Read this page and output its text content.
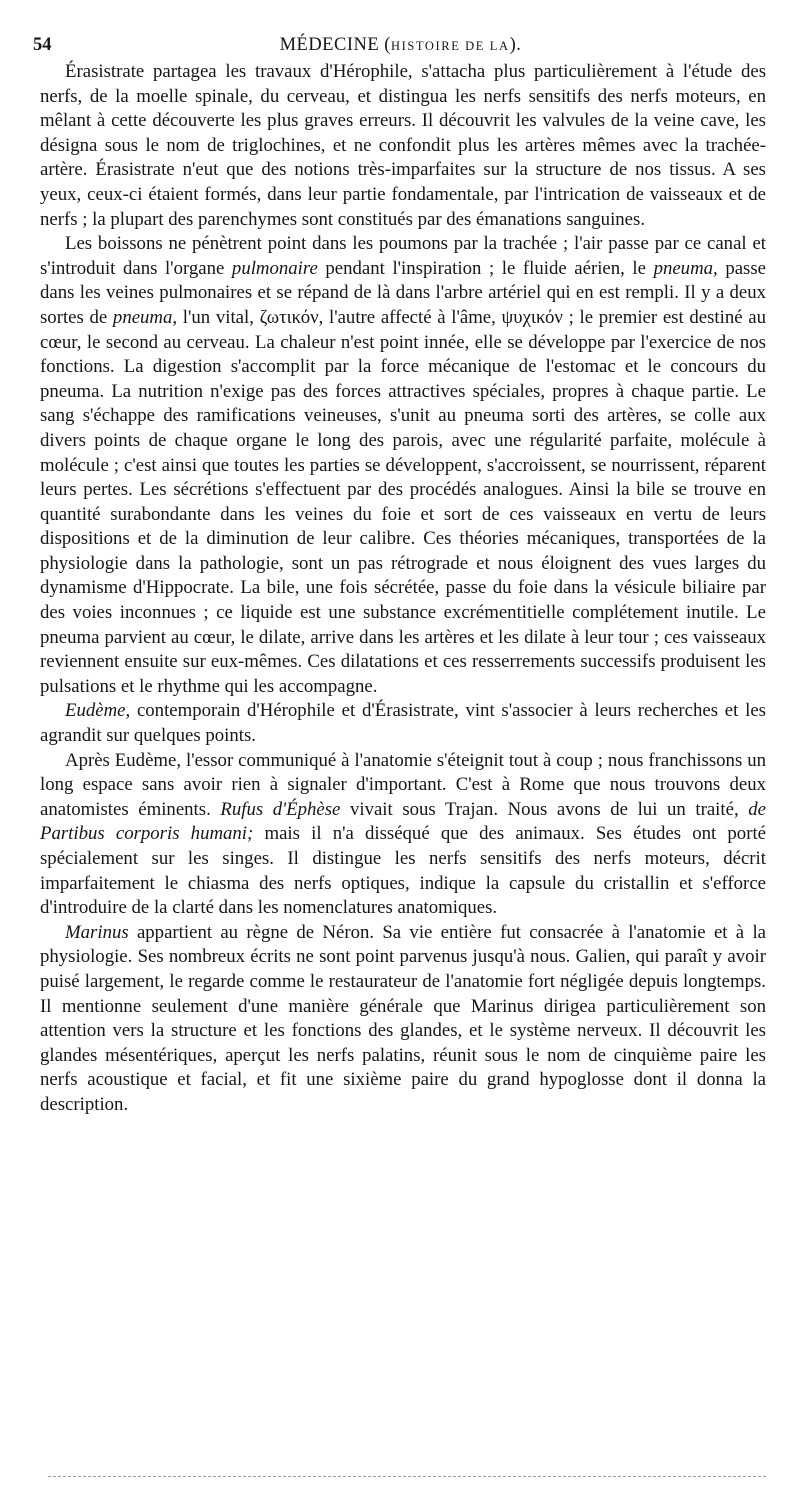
54	MÉDECINE (HISTOIRE DE LA).

Érasistrate partagea les travaux d'Hérophile, s'attacha plus particulièrement à l'étude des nerfs, de la moelle spinale, du cerveau, et distingua les nerfs sensitifs des nerfs moteurs, en mêlant à cette découverte les plus graves erreurs. Il découvrit les valvules de la veine cave, les désigna sous le nom de triglochines, et ne confondit plus les artères mêmes avec la trachée-artère. Érasistrate n'eut que des notions très-imparfaites sur la structure de nos tissus. A ses yeux, ceux-ci étaient formés, dans leur partie fondamentale, par l'intrication de vaisseaux et de nerfs ; la plupart des parenchymes sont constitués par des émanations sanguines.

Les boissons ne pénètrent point dans les poumons par la trachée ; l'air passe par ce canal et s'introduit dans l'organe pulmonaire pendant l'inspiration ; le fluide aérien, le pneuma, passe dans les veines pulmonaires et se répand de là dans l'arbre artériel qui en est rempli. Il y a deux sortes de pneuma, l'un vital, ζωτικόν, l'autre affecté à l'âme, ψυχικόν ; le premier est destiné au cœur, le second au cerveau. La chaleur n'est point innée, elle se développe par l'exercice de nos fonctions. La digestion s'accomplit par la force mécanique de l'estomac et le concours du pneuma. La nutrition n'exige pas des forces attractives spéciales, propres à chaque partie. Le sang s'échappe des ramifications veineuses, s'unit au pneuma sorti des artères, se colle aux divers points de chaque organe le long des parois, avec une régularité parfaite, molécule à molécule ; c'est ainsi que toutes les parties se développent, s'accroissent, se nourrissent, réparent leurs pertes. Les sécrétions s'effectuent par des procédés analogues. Ainsi la bile se trouve en quantité surabondante dans les veines du foie et sort de ces vaisseaux en vertu de leurs dispositions et de la diminution de leur calibre. Ces théories mécaniques, transportées de la physiologie dans la pathologie, sont un pas rétrograde et nous éloignent des vues larges du dynamisme d'Hippocrate. La bile, une fois sécrétée, passe du foie dans la vésicule biliaire par des voies inconnues ; ce liquide est une substance excrémentitielle complétement inutile. Le pneuma parvient au cœur, le dilate, arrive dans les artères et les dilate à leur tour ; ces vaisseaux reviennent ensuite sur eux-mêmes. Ces dilatations et ces resserrements successifs produisent les pulsations et le rhythme qui les accompagne.

Eudème, contemporain d'Hérophile et d'Érasistrate, vint s'associer à leurs recherches et les agrandit sur quelques points.

Après Eudème, l'essor communiqué à l'anatomie s'éteignit tout à coup ; nous franchissons un long espace sans avoir rien à signaler d'important. C'est à Rome que nous trouvons deux anatomistes éminents. Rufus d'Éphèse vivait sous Trajan. Nous avons de lui un traité, de Partibus corporis humani; mais il n'a disséqué que des animaux. Ses études ont porté spécialement sur les singes. Il distingue les nerfs sensitifs des nerfs moteurs, décrit imparfaitement le chiasma des nerfs optiques, indique la capsule du cristallin et s'efforce d'introduire de la clarté dans les nomenclatures anatomiques.

Marinus appartient au règne de Néron. Sa vie entière fut consacrée à l'anatomie et à la physiologie. Ses nombreux écrits ne sont point parvenus jusqu'à nous. Galien, qui paraît y avoir puisé largement, le regarde comme le restaurateur de l'anatomie fort négligée depuis longtemps. Il mentionne seulement d'une manière générale que Marinus dirigea particulièrement son attention vers la structure et les fonctions des glandes, et le système nerveux. Il découvrit les glandes mésentériques, aperçut les nerfs palatins, réunit sous le nom de cinquième paire les nerfs acoustique et facial, et fit une sixième paire du grand hypoglosse dont il donna la description.
